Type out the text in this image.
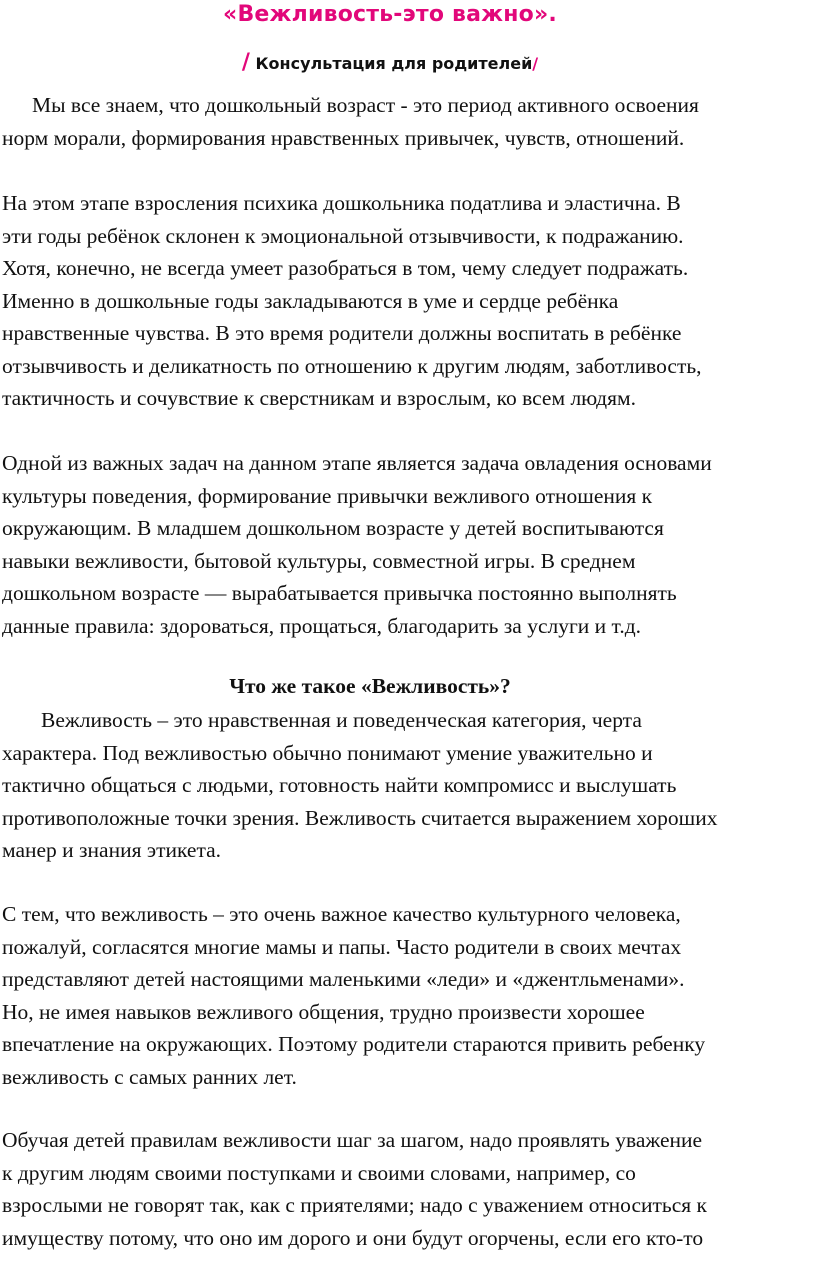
«Вежливость-это важно».
/ Консультация для родителей/
Мы все знаем, что дошкольный возраст - это период активного освоения
норм морали, формирования нравственных привычек, чувств, отношений.
На этом этапе взросления психика дошкольника податлива и эластична. В
эти годы ребёнок склонен к эмоциональной отзывчивости, к подражанию.
Хотя, конечно, не всегда умеет разобраться в том, чему следует подражать.
Именно в дошкольные годы закладываются в уме и сердце ребёнка
нравственные чувства. В это время родители должны воспитать в ребёнке
отзывчивость и деликатность по отношению к другим людям, заботливость,
тактичность и сочувствие к сверстникам и взрослым, ко всем людям.
Одной из важных задач на данном этапе является задача овладения основами
культуры поведения, формирование привычки вежливого отношения к
окружающим. В младшем дошкольном возрасте у детей воспитываются
навыки вежливости, бытовой культуры, совместной игры. В среднем
дошкольном возрасте — вырабатывается привычка постоянно выполнять
данные правила: здороваться, прощаться, благодарить за услуги и т.д.
Что же такое «Вежливость»?
Вежливость – это нравственная и поведенческая категория, черта
характера. Под вежливостью обычно понимают умение уважительно и
тактично общаться с людьми, готовность найти компромисс и выслушать
противоположные точки зрения. Вежливость считается выражением хороших
манер и знания этикета.
С тем, что вежливость – это очень важное качество культурного человека,
пожалуй, согласятся многие мамы и папы. Часто родители в своих мечтах
представляют детей настоящими маленькими «леди» и «джентльменами».
Но, не имея навыков вежливого общения, трудно произвести хорошее
впечатление на окружающих. Поэтому родители стараются привить ребенку
вежливость с самых ранних лет.
Обучая детей правилам вежливости шаг за шагом, надо проявлять уважение
к другим людям своими поступками и своими словами, например, со
взрослыми не говорят так, как с приятелями; надо с уважением относиться к
имуществу потому, что оно им дорого и они будут огорчены, если его кто-то
